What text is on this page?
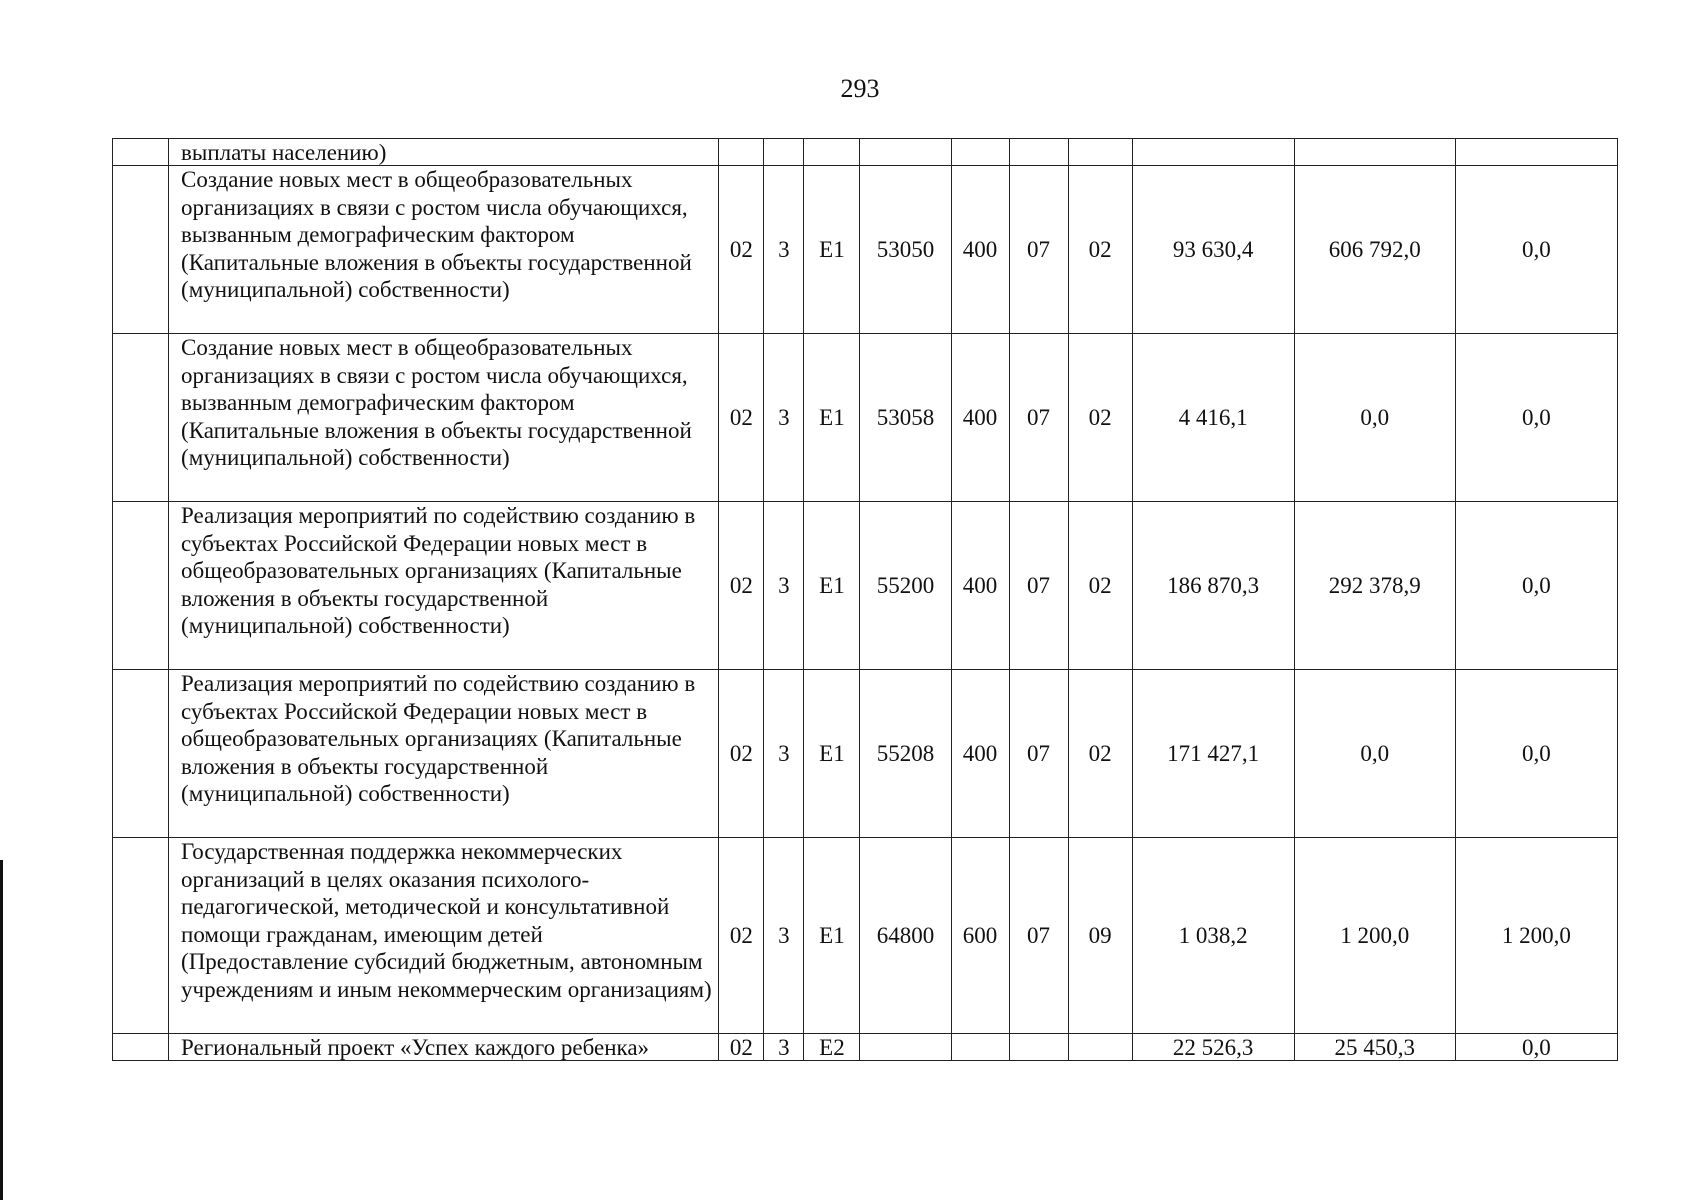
293
	выплаты населению)										
	Создание новых мест в общеобразовательных организациях в связи с ростом числа обучающихся, вызванным демографическим фактором (Капитальные вложения в объекты государственной (муниципальной) собственности)	02	3	E1	53050	400	07	02	93 630,4	606 792,0	0,0
	Создание новых мест в общеобразовательных организациях в связи с ростом числа обучающихся, вызванным демографическим фактором (Капитальные вложения в объекты государственной (муниципальной) собственности)	02	3	E1	53058	400	07	02	4 416,1	0,0	0,0
	Реализация мероприятий по содействию созданию в субъектах Российской Федерации новых мест в общеобразовательных организациях (Капитальные вложения в объекты государственной (муниципальной) собственности)	02	3	E1	55200	400	07	02	186 870,3	292 378,9	0,0
	Реализация мероприятий по содействию созданию в субъектах Российской Федерации новых мест в общеобразовательных организациях (Капитальные вложения в объекты государственной (муниципальной) собственности)	02	3	E1	55208	400	07	02	171 427,1	0,0	0,0
	Государственная поддержка некоммерческих организаций в целях оказания психолого-педагогической, методической и консультативной помощи гражданам, имеющим детей (Предоставление субсидий бюджетным, автономным учреждениям и иным некоммерческим организациям)	02	3	E1	64800	600	07	09	1 038,2	1 200,0	1 200,0
	Региональный проект «Успех каждого ребенка»	02	3	E2					22 526,3	25 450,3	0,0
